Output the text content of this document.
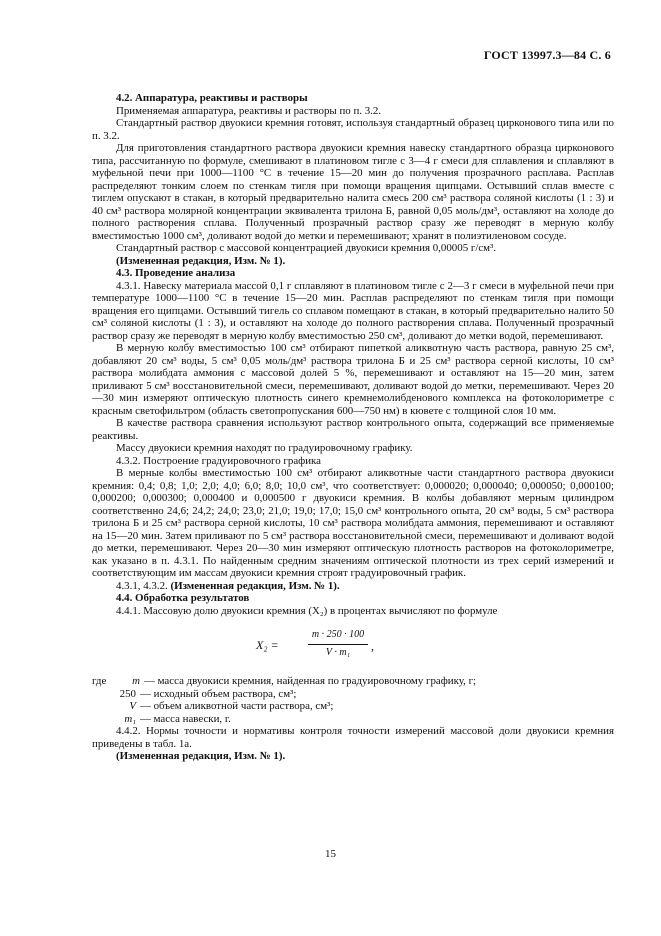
ГОСТ 13997.3—84 С. 6

4.2. Аппаратура, реактивы и растворы

Применяемая аппаратура, реактивы и растворы по п. 3.2.

Стандартный раствор двуокиси кремния готовят, используя стандартный образец цирконового типа или по п. 3.2.

Для приготовления стандартного раствора двуокиси кремния навеску стандартного образца цирконового типа, рассчитанную по формуле, смешивают в платиновом тигле с 3—4 г смеси для сплавления и сплавляют в муфельной печи при 1000—1100 °С в течение 15—20 мин до получения прозрачного расплава. Расплав распределяют тонким слоем по стенкам тигля при помощи вращения щипцами. Остывший сплав вместе с тиглем опускают в стакан, в который предварительно налита смесь 200 см³ раствора соляной кислоты (1 : 3) и 40 см³ раствора молярной концентрации эквивалента трилона Б, равной 0,05 моль/дм³, оставляют на холоде до полного растворения сплава. Полученный прозрачный раствор сразу же переводят в мерную колбу вместимостью 1000 см³, доливают водой до метки и перемешивают; хранят в полиэтиленовом сосуде.

Стандартный раствор с массовой концентрацией двуокиси кремния 0,00005 г/см³.

(Измененная редакция, Изм. № 1).

4.3. Проведение анализа

4.3.1. Навеску материала массой 0,1 г сплавляют в платиновом тигле с 2—3 г смеси в муфельной печи при температуре 1000—1100 °С в течение 15—20 мин. Расплав распределяют по стенкам тигля при помощи вращения его щипцами. Остывший тигель со сплавом помещают в стакан, в который предварительно налито 50 см³ соляной кислоты (1 : 3), и оставляют на холоде до полного растворения сплава. Полученный прозрачный раствор сразу же переводят в мерную колбу вместимостью 250 см³, доливают до метки водой, перемешивают.

В мерную колбу вместимостью 100 см³ отбирают пипеткой аликвотную часть раствора, равную 25 см³, добавляют 20 см³ воды, 5 см³ 0,05 моль/дм³ раствора трилона Б и 25 см³ раствора серной кислоты, 10 см³ раствора молибдата аммония с массовой долей 5 %, перемешивают и оставляют на 15—20 мин, затем приливают 5 см³ восстановительной смеси, перемешивают, доливают водой до метки, перемешивают. Через 20—30 мин измеряют оптическую плотность синего кремнемолибденового комплекса на фотоколориметре с красным светофильтром (область светопропускания 600—750 нм) в кювете с толщиной слоя 10 мм.

В качестве раствора сравнения используют раствор контрольного опыта, содержащий все применяемые реактивы.

Массу двуокиси кремния находят по градуировочному графику.

4.3.2. Построение градуировочного графика

В мерные колбы вместимостью 100 см³ отбирают аликвотные части стандартного раствора двуокиси кремния: 0,4; 0,8; 1,0; 2,0; 4,0; 6,0; 8,0; 10,0 см³, что соответствует: 0,000020; 0,000040; 0,000050; 0,000100; 0,000200; 0,000300; 0,000400 и 0,000500 г двуокиси кремния. В колбы добавляют мерным цилиндром соответственно 24,6; 24,2; 24,0; 23,0; 21,0; 19,0; 17,0; 15,0 см³ контрольного опыта, 20 см³ воды, 5 см³ раствора трилона Б и 25 см³ раствора серной кислоты, 10 см³ раствора молибдата аммония, перемешивают и оставляют на 15—20 мин. Затем приливают по 5 см³ раствора восстановительной смеси, перемешивают и доливают водой до метки, перемешивают. Через 20—30 мин измеряют оптическую плотность растворов на фотоколориметре, как указано в п. 4.3.1. По найденным средним значениям оптической плотности из трех серий измерений и соответствующим им массам двуокиси кремния строят градуировочный график.

4.3.1, 4.3.2. (Измененная редакция, Изм. № 1).

4.4. Обработка результатов

4.4.1. Массовую долю двуокиси кремния (X₂) в процентах вычисляют по формуле

X₂ =	$\frac{m \cdot 250 \cdot 100}{\text{V · m₁}}$ ,
где	m — масса двуокиси кремния, найденная по градуировочному графику, г;
250 — исходный объем раствора, см³;
V — объем аликвотной части раствора, см³;
m₁ — масса навески, г.

4.4.2. Нормы точности и нормативы контроля точности измерений массовой доли двуокиси кремния приведены в табл. 1а.

(Измененная редакция, Изм. № 1).

15
